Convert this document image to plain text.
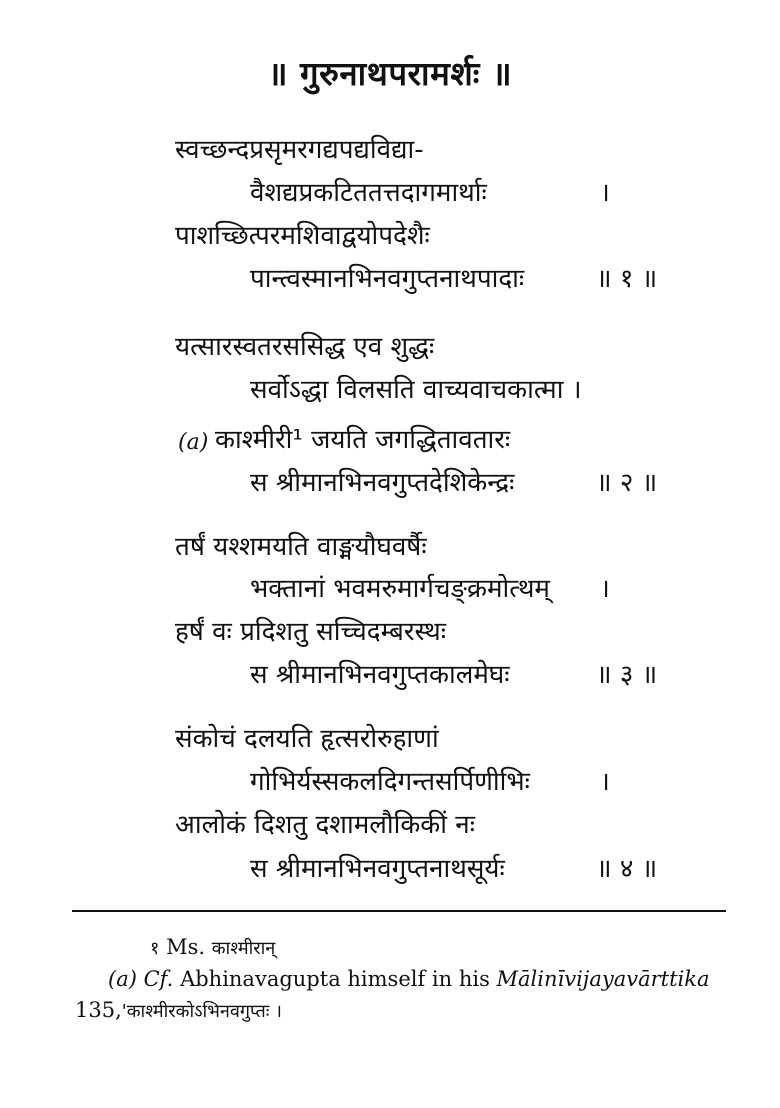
॥ गुरुनाथपरामर्शः ॥
स्वच्छन्दप्रसृमरगद्यपद्यविद्या-
वैशद्यप्रकटिततत्तदागमार्थाः	।
पाशच्छित्परमशिवाद्वयोपदेशैः
पान्त्वस्मानभिनवगुप्तनाथपादाः	॥ १ ॥
यत्सारस्वतरससिद्ध एव शुद्धः
सर्वोऽद्धा विलसति वाच्यवाचकात्मा ।
(a) काश्मीरी¹ जयति जगद्धितावतारः
स श्रीमानभिनवगुप्तदेशिकेन्द्रः	॥ २ ॥
तर्षं यश्शमयति वाङ्मयौघवर्षैः
भक्तानां भवमरुमार्गचङ्क्रमोत्थम् ।
हर्षं वः प्रदिशतु सच्चिदम्बरस्थः
स श्रीमानभिनवगुप्तकालमेघः	॥ ३ ॥
संकोचं दलयति हृत्सरोरुहाणां
गोभिर्यस्सकलदिगन्तसर्पिणीभिः	।
आलोकं दिशतु दशामलौकिकीं नः
स श्रीमानभिनवगुप्तनाथसूर्यः	॥ ४ ॥
१ Ms. काश्मीरान्
(a) Cf. Abhinavagupta himself in his Mālinīvijayavārttika
135,'काश्मीरकोऽभिनवगुप्तः ।
